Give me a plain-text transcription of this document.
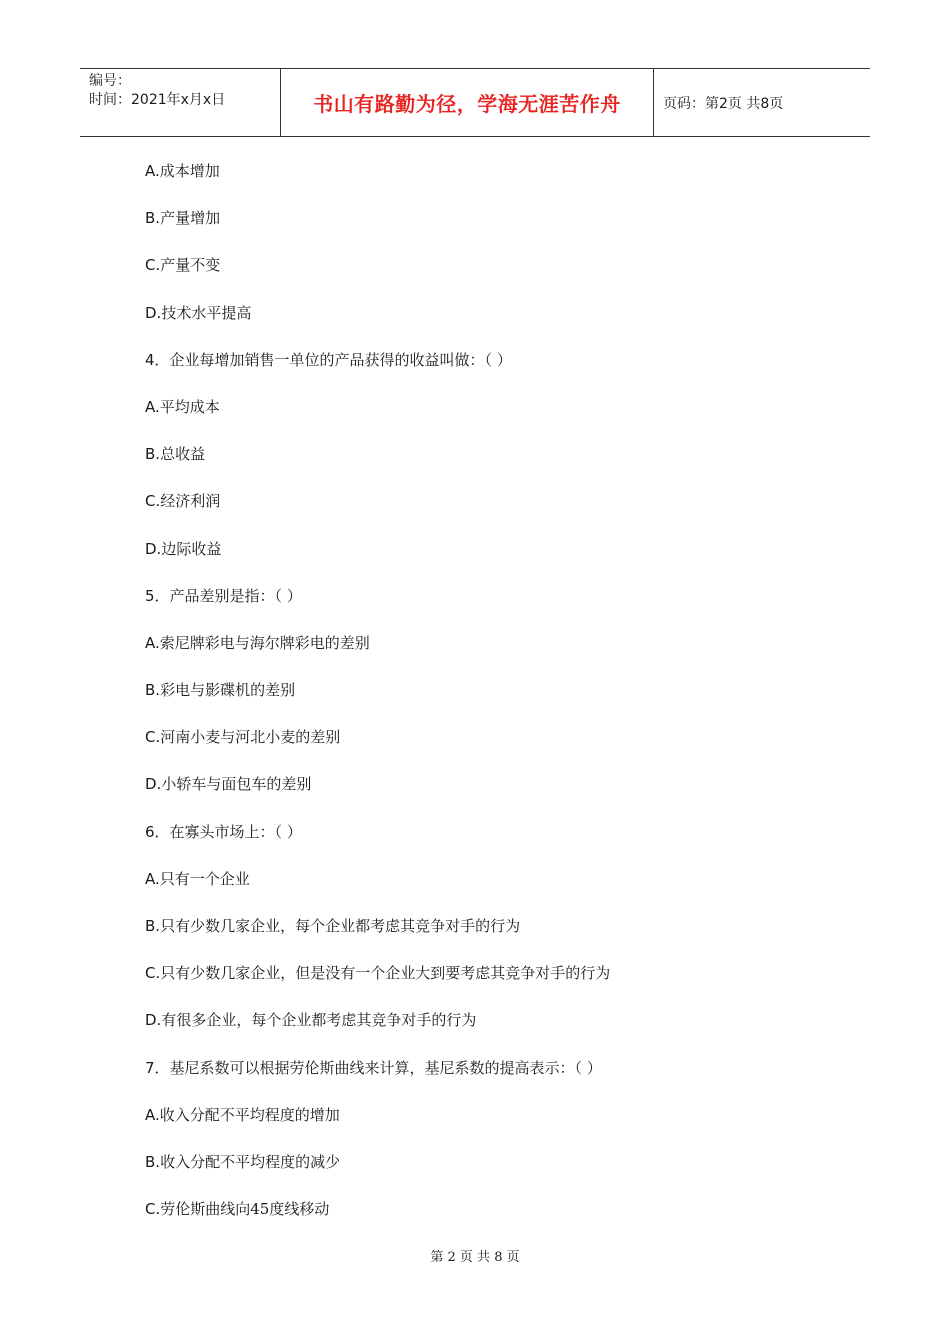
编号：
时间：2021年x月x日	书山有路勤为径，学海无涯苦作舟	页码：第2页 共8页
A.成本增加
B.产量增加
C.产量不变
D.技术水平提高
4．企业每增加销售一单位的产品获得的收益叫做：（ ）
A.平均成本
B.总收益
C.经济利润
D.边际收益
5．产品差别是指：（ ）
A.索尼牌彩电与海尔牌彩电的差别
B.彩电与影碟机的差别
C.河南小麦与河北小麦的差别
D.小轿车与面包车的差别
6．在寡头市场上：（ ）
A.只有一个企业
B.只有少数几家企业，每个企业都考虑其竞争对手的行为
C.只有少数几家企业，但是没有一个企业大到要考虑其竞争对手的行为
D.有很多企业，每个企业都考虑其竞争对手的行为
7．基尼系数可以根据劳伦斯曲线来计算，基尼系数的提高表示：（ ）
A.收入分配不平均程度的增加
B.收入分配不平均程度的减少
C.劳伦斯曲线向45度线移动
第 2 页 共 8 页
